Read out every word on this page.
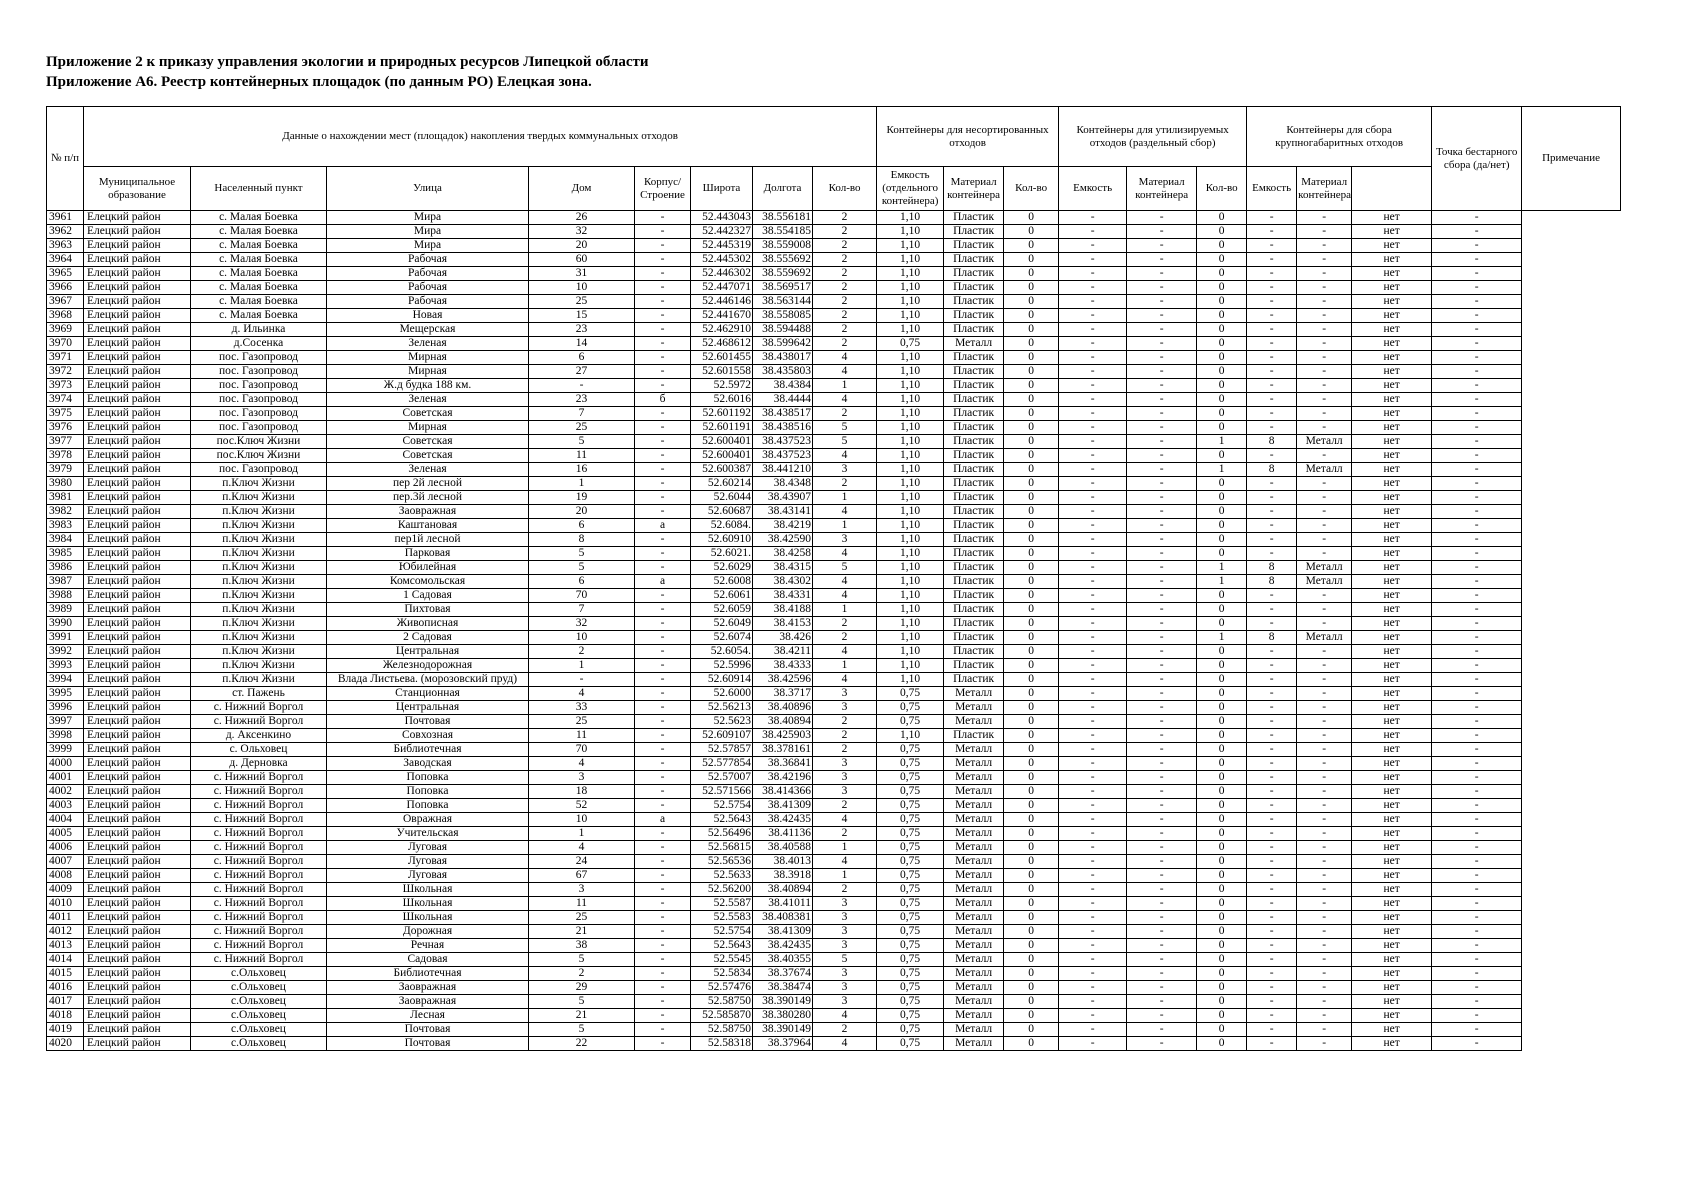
Приложение 2 к приказу управления экологии и природных ресурсов Липецкой области
Приложение А6. Реестр контейнерных площадок (по данным РО) Елецкая зона.
№ п/п	Данные о нахождении мест (площадок) накопления твердых коммунальных отходов								Контейнеры для несортированных отходов			Контейнеры для утилизируемых отходов (раздельный сбор)			Контейнеры для сбора крупногабаритных отходов			Точка бестарного сбора (да/нет)	Примечание
	Муниципальное образование	Населенный пункт	Улица	Дом	Корпус/ Строение	Широта	Долгота	Кол-во	Емкость (отдельного контейнера)	Материал контейнера	Кол-во	Емкость	Материал контейнера	Кол-во	Емкость	Материал контейнера			
3961	Елецкий район	с. Малая Боевка	Мира	26	-	52.443043	38.556181	2	1,10	Пластик	0	-	-	0	-	-	нет	-	
3962	Елецкий район	с. Малая Боевка	Мира	32	-	52.442327	38.554185	2	1,10	Пластик	0	-	-	0	-	-	нет	-	
3963	Елецкий район	с. Малая Боевка	Мира	20	-	52.445319	38.559008	2	1,10	Пластик	0	-	-	0	-	-	нет	-	
3964	Елецкий район	с. Малая Боевка	Рабочая	60	-	52.445302	38.555692	2	1,10	Пластик	0	-	-	0	-	-	нет	-	
3965	Елецкий район	с. Малая Боевка	Рабочая	31	-	52.446302	38.559692	2	1,10	Пластик	0	-	-	0	-	-	нет	-	
3966	Елецкий район	с. Малая Боевка	Рабочая	10	-	52.447071	38.569517	2	1,10	Пластик	0	-	-	0	-	-	нет	-	
3967	Елецкий район	с. Малая Боевка	Рабочая	25	-	52.446146	38.563144	2	1,10	Пластик	0	-	-	0	-	-	нет	-	
3968	Елецкий район	с. Малая Боевка	Новая	15	-	52.441670	38.558085	2	1,10	Пластик	0	-	-	0	-	-	нет	-	
3969	Елецкий район	д. Ильинка	Мещерская	23	-	52.462910	38.594488	2	1,10	Пластик	0	-	-	0	-	-	нет	-	
3970	Елецкий район	д.Сосенка	Зеленая	14	-	52.468612	38.599642	2	0,75	Металл	0	-	-	0	-	-	нет	-	
3971	Елецкий район	пос. Газопровод	Мирная	6	-	52.601455	38.438017	4	1,10	Пластик	0	-	-	0	-	-	нет	-	
3972	Елецкий район	пос. Газопровод	Мирная	27	-	52.601558	38.435803	4	1,10	Пластик	0	-	-	0	-	-	нет	-	
3973	Елецкий район	пос. Газопровод	Ж.д будка 188 км.	-	-	52.5972	38.4384	1	1,10	Пластик	0	-	-	0	-	-	нет	-	
3974	Елецкий район	пос. Газопровод	Зеленая	23	б	52.6016	38.4444	4	1,10	Пластик	0	-	-	0	-	-	нет	-	
3975	Елецкий район	пос. Газопровод	Советская	7	-	52.601192	38.438517	2	1,10	Пластик	0	-	-	0	-	-	нет	-	
3976	Елецкий район	пос. Газопровод	Мирная	25	-	52.601191	38.438516	5	1,10	Пластик	0	-	-	0	-	-	нет	-	
3977	Елецкий район	пос.Ключ Жизни	Советская	5	-	52.600401	38.437523	5	1,10	Пластик	0	-	-	1	8	Металл	нет	-	
3978	Елецкий район	пос.Ключ Жизни	Советская	11	-	52.600401	38.437523	4	1,10	Пластик	0	-	-	0	-	-	нет	-	
3979	Елецкий район	пос. Газопровод	Зеленая	16	-	52.600387	38.441210	3	1,10	Пластик	0	-	-	1	8	Металл	нет	-	
3980	Елецкий район	п.Ключ Жизни	пер 2й лесной	1	-	52.60214	38.4348	2	1,10	Пластик	0	-	-	0	-	-	нет	-	
3981	Елецкий район	п.Ключ Жизни	пер.3й лесной	19	-	52.6044	38.43907	1	1,10	Пластик	0	-	-	0	-	-	нет	-	
3982	Елецкий район	п.Ключ Жизни	Заовражная	20	-	52.60687	38.43141	4	1,10	Пластик	0	-	-	0	-	-	нет	-	
3983	Елецкий район	п.Ключ Жизни	Каштановая	6	а	52.6084.	38.4219	1	1,10	Пластик	0	-	-	0	-	-	нет	-	
3984	Елецкий район	п.Ключ Жизни	пер1й лесной	8	-	52.60910	38.42590	3	1,10	Пластик	0	-	-	0	-	-	нет	-	
3985	Елецкий район	п.Ключ Жизни	Парковая	5	-	52.6021.	38.4258	4	1,10	Пластик	0	-	-	0	-	-	нет	-	
3986	Елецкий район	п.Ключ Жизни	Юбилейная	5	-	52.6029	38.4315	5	1,10	Пластик	0	-	-	1	8	Металл	нет	-	
3987	Елецкий район	п.Ключ Жизни	Комсомольская	6	а	52.6008	38.4302	4	1,10	Пластик	0	-	-	1	8	Металл	нет	-	
3988	Елецкий район	п.Ключ Жизни	1 Садовая	70	-	52.6061	38.4331	4	1,10	Пластик	0	-	-	0	-	-	нет	-	
3989	Елецкий район	п.Ключ Жизни	Пихтовая	7	-	52.6059	38.4188	1	1,10	Пластик	0	-	-	0	-	-	нет	-	
3990	Елецкий район	п.Ключ Жизни	Живописная	32	-	52.6049	38.4153	2	1,10	Пластик	0	-	-	0	-	-	нет	-	
3991	Елецкий район	п.Ключ Жизни	2 Садовая	10	-	52.6074	38.426	2	1,10	Пластик	0	-	-	1	8	Металл	нет	-	
3992	Елецкий район	п.Ключ Жизни	Центральная	2	-	52.6054.	38.4211	4	1,10	Пластик	0	-	-	0	-	-	нет	-	
3993	Елецкий район	п.Ключ Жизни	Железнодорожная	1	-	52.5996	38.4333	1	1,10	Пластик	0	-	-	0	-	-	нет	-	
3994	Елецкий район	п.Ключ Жизни	Влада Листьева. (морозовский пруд)	-	-	52.60914	38.42596	4	1,10	Пластик	0	-	-	0	-	-	нет	-	
3995	Елецкий район	ст. Пажень	Станционная	4	-	52.6000	38.3717	3	0,75	Металл	0	-	-	0	-	-	нет	-	
3996	Елецкий район	с. Нижний Воргол	Центральная	33	-	52.56213	38.40896	3	0,75	Металл	0	-	-	0	-	-	нет	-	
3997	Елецкий район	с. Нижний Воргол	Почтовая	25	-	52.5623	38.40894	2	0,75	Металл	0	-	-	0	-	-	нет	-	
3998	Елецкий район	д. Аксенкино	Совхозная	11	-	52.609107	38.425903	2	1,10	Пластик	0	-	-	0	-	-	нет	-	
3999	Елецкий район	с. Ольховец	Библиотечная	70	-	52.57857	38.378161	2	0,75	Металл	0	-	-	0	-	-	нет	-	
4000	Елецкий район	д. Дерновка	Заводская	4	-	52.577854	38.36841	3	0,75	Металл	0	-	-	0	-	-	нет	-	
4001	Елецкий район	с. Нижний Воргол	Поповка	3	-	52.57007	38.42196	3	0,75	Металл	0	-	-	0	-	-	нет	-	
4002	Елецкий район	с. Нижний Воргол	Поповка	18	-	52.571566	38.414366	3	0,75	Металл	0	-	-	0	-	-	нет	-	
4003	Елецкий район	с. Нижний Воргол	Поповка	52	-	52.5754	38.41309	2	0,75	Металл	0	-	-	0	-	-	нет	-	
4004	Елецкий район	с. Нижний Воргол	Овражная	10	а	52.5643	38.42435	4	0,75	Металл	0	-	-	0	-	-	нет	-	
4005	Елецкий район	с. Нижний Воргол	Учительская	1	-	52.56496	38.41136	2	0,75	Металл	0	-	-	0	-	-	нет	-	
4006	Елецкий район	с. Нижний Воргол	Луговая	4	-	52.56815	38.40588	1	0,75	Металл	0	-	-	0	-	-	нет	-	
4007	Елецкий район	с. Нижний Воргол	Луговая	24	-	52.56536	38.4013	4	0,75	Металл	0	-	-	0	-	-	нет	-	
4008	Елецкий район	с. Нижний Воргол	Луговая	67	-	52.5633	38.3918	1	0,75	Металл	0	-	-	0	-	-	нет	-	
4009	Елецкий район	с. Нижний Воргол	Школьная	3	-	52.56200	38.40894	2	0,75	Металл	0	-	-	0	-	-	нет	-	
4010	Елецкий район	с. Нижний Воргол	Школьная	11	-	52.5587	38.41011	3	0,75	Металл	0	-	-	0	-	-	нет	-	
4011	Елецкий район	с. Нижний Воргол	Школьная	25	-	52.5583	38.408381	3	0,75	Металл	0	-	-	0	-	-	нет	-	
4012	Елецкий район	с. Нижний Воргол	Дорожная	21	-	52.5754	38.41309	3	0,75	Металл	0	-	-	0	-	-	нет	-	
4013	Елецкий район	с. Нижний Воргол	Речная	38	-	52.5643	38.42435	3	0,75	Металл	0	-	-	0	-	-	нет	-	
4014	Елецкий район	с. Нижний Воргол	Садовая	5	-	52.5545	38.40355	5	0,75	Металл	0	-	-	0	-	-	нет	-	
4015	Елецкий район	с.Ольховец	Библиотечная	2	-	52.5834	38.37674	3	0,75	Металл	0	-	-	0	-	-	нет	-	
4016	Елецкий район	с.Ольховец	Заовражная	29	-	52.57476	38.38474	3	0,75	Металл	0	-	-	0	-	-	нет	-	
4017	Елецкий район	с.Ольховец	Заовражная	5	-	52.58750	38.390149	3	0,75	Металл	0	-	-	0	-	-	нет	-	
4018	Елецкий район	с.Ольховец	Лесная	21	-	52.585870	38.380280	4	0,75	Металл	0	-	-	0	-	-	нет	-	
4019	Елецкий район	с.Ольховец	Почтовая	5	-	52.58750	38.390149	2	0,75	Металл	0	-	-	0	-	-	нет	-	
4020	Елецкий район	с.Ольховец	Почтовая	22	-	52.58318	38.37964	4	0,75	Металл	0	-	-	0	-	-	нет	-	
